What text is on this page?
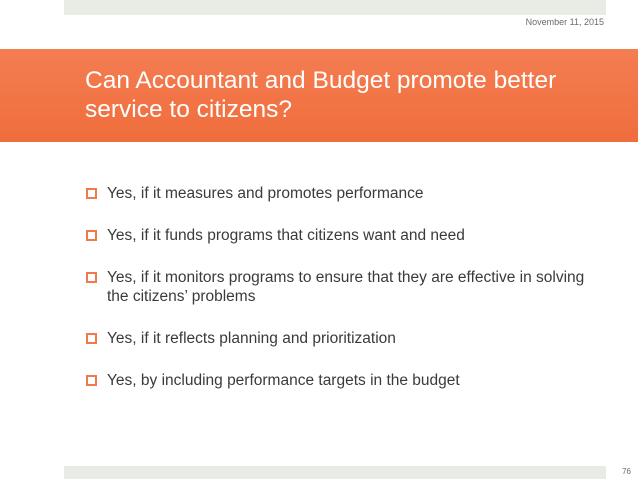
November 11, 2015
Can Accountant and Budget promote better service to citizens?
Yes, if it measures and promotes performance
Yes, if it funds programs that citizens want and need
Yes, if it monitors programs to ensure that they are effective in solving the citizens’ problems
Yes, if it reflects planning and prioritization
Yes, by including performance targets in the budget
76
